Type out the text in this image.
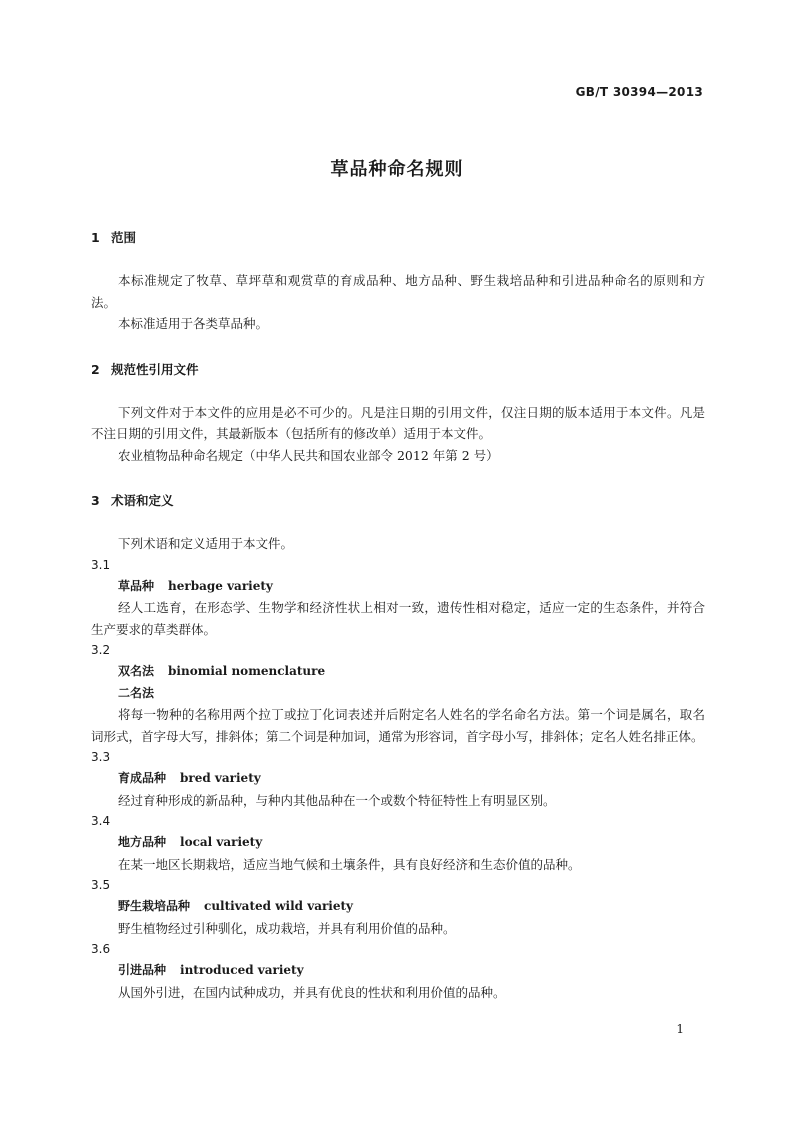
GB/T 30394—2013
草品种命名规则
1 范围

本标准规定了牧草、草坪草和观赏草的育成品种、地方品种、野生栽培品种和引进品种命名的原则和方法。

本标准适用于各类草品种。

2 规范性引用文件

下列文件对于本文件的应用是必不可少的。凡是注日期的引用文件，仅注日期的版本适用于本文件。凡是不注日期的引用文件，其最新版本（包括所有的修改单）适用于本文件。

农业植物品种命名规定（中华人民共和国农业部令 2012 年第 2 号）

3 术语和定义

下列术语和定义适用于本文件。

3.1
草品种 herbage variety

经人工选育，在形态学、生物学和经济性状上相对一致，遗传性相对稳定，适应一定的生态条件，并符合生产要求的草类群体。

3.2
双名法 binomial nomenclature
二名法

将每一物种的名称用两个拉丁或拉丁化词表述并后附定名人姓名的学名命名方法。第一个词是属名，取名词形式，首字母大写，排斜体；第二个词是种加词，通常为形容词，首字母小写，排斜体；定名人姓名排正体。

3.3
育成品种 bred variety

经过育种形成的新品种，与种内其他品种在一个或数个特征特性上有明显区别。

3.4
地方品种 local variety

在某一地区长期栽培，适应当地气候和土壤条件，具有良好经济和生态价值的品种。

3.5
野生栽培品种 cultivated wild variety

野生植物经过引种驯化，成功栽培，并具有利用价值的品种。

3.6
引进品种 introduced variety

从国外引进，在国内试种成功，并具有优良的性状和利用价值的品种。

1
